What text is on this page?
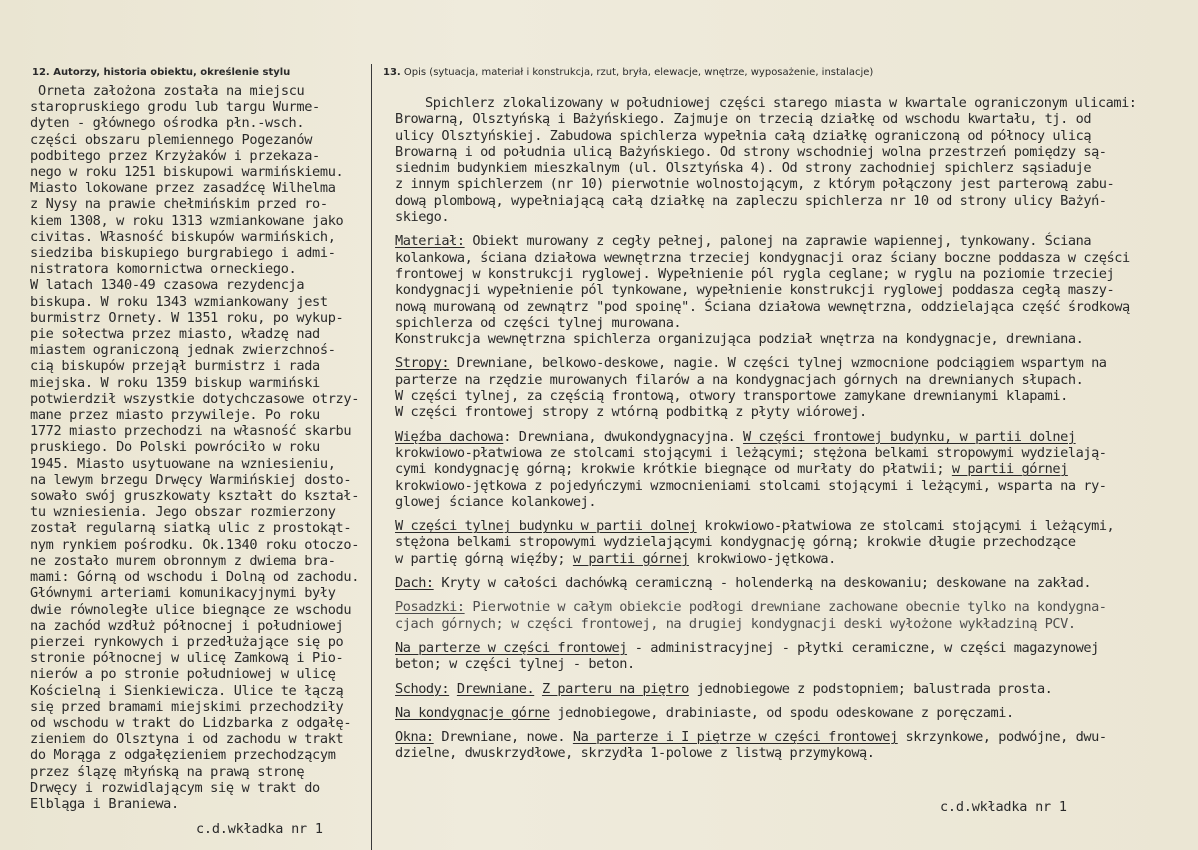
12. Autorzy, historia obiektu, określenie stylu	13. Opis (sytuacja, materiał i konstrukcja, rzut, bryła, elewacje, wnętrze, wyposażenie, instalacje)
Orneta założona została na miejscu
staropruskiego grodu lub targu Wurme-
dyten - głównego ośrodka płn.-wsch.
części obszaru plemiennego Pogezanów
podbitego przez Krzyżaków i przekaza-
nego w roku 1251 biskupowi warmińskiemu.
Miasto lokowane przez zasadźcę Wilhelma
z Nysy na prawie chełmińskim przed ro-
kiem 1308, w roku 1313 wzmiankowane jako
civitas. Własność biskupów warmińskich,
siedziba biskupiego burgrabiego i admi-
nistratora komornictwa orneckiego.
W latach 1340-49 czasowa rezydencja
biskupa. W roku 1343 wzmiankowany jest
burmistrz Ornety. W 1351 roku, po wykup-
pie sołectwa przez miasto, władzę nad
miastem ograniczoną jednak zwierzchnoś-
cią biskupów przejął burmistrz i rada
miejska. W roku 1359 biskup warmiński
potwierdził wszystkie dotychczasowe otrzy-
mane przez miasto przywileje. Po roku
1772 miasto przechodzi na własność skarbu
pruskiego. Do Polski powróciło w roku
1945. Miasto usytuowane na wzniesieniu,
na lewym brzegu Drwęcy Warmińskiej dosto-
sowało swój gruszkowaty kształt do kształ-
tu wzniesienia. Jego obszar rozmierzony
został regularną siatką ulic z prostokąt-
nym rynkiem pośrodku. Ok.1340 roku otoczo-
ne zostało murem obronnym z dwiema bra-
mami: Górną od wschodu i Dolną od zachodu.
Głównymi arteriami komunikacyjnymi były
dwie równoległe ulice biegnące ze wschodu
na zachód wzdłuż północnej i południowej
pierzei rynkowych i przedłużające się po
stronie północnej w ulicę Zamkową i Pio-
nierów a po stronie południowej w ulicę
Kościelną i Sienkiewicza. Ulice te łączą
się przed bramami miejskimi przechodziły
od wschodu w trakt do Lidzbarka z odgałę-
zieniem do Olsztyna i od zachodu w trakt
do Morąga z odgałęzieniem przechodzącym
przez ślązę młyńską na prawą stronę
Drwęcy i rozwidlającym się w trakt do
Elbląga i Braniewa.
Spichlerz zlokalizowany w południowej części starego miasta w kwartale ograniczonym ulicami:
Browarną, Olsztyńską i Bażyńskiego. Zajmuje on trzecią działkę od wschodu kwartału, tj. od
ulicy Olsztyńskiej. Zabudowa spichlerza wypełnia całą działkę ograniczoną od północy ulicą
Browarną i od południa ulicą Bażyńskiego. Od strony wschodniej wolna przestrzeń pomiędzy są-
siednim budynkiem mieszkalnym (ul. Olsztyńska 4). Od strony zachodniej spichlerz sąsiaduje
z innym spichlerzem (nr 10) pierwotnie wolnostojącym, z którym połączony jest parterową zabu-
dową plombową, wypełniającą całą działkę na zapleczu spichlerza nr 10 od strony ulicy Bażyń-
skiego.
Materiał: Obiekt murowany z cegły pełnej, palonej na zaprawie wapiennej, tynkowany. Ściana
kolankowa, ściana działowa wewnętrzna trzeciej kondygnacji oraz ściany boczne poddasza w części
frontowej w konstrukcji ryglowej. Wypełnienie pól rygla ceglane; w ryglu na poziomie trzeciej
kondygnacji wypełnienie pól tynkowane, wypełnienie konstrukcji ryglowej poddasza cegłą maszy-
nową murowaną od zewnątrz "pod spoinę". Ściana działowa wewnętrzna, oddzielająca część środkową
spichlerza od części tylnej murowana.
Konstrukcja wewnętrzna spichlerza organizująca podział wnętrza na kondygnacje, drewniana.
Stropy: Drewniane, belkowo-deskowe, nagie. W części tylnej wzmocnione podciągiem wspartym na
parterze na rzędzie murowanych filarów a na kondygnacjach górnych na drewnianych słupach.
W części tylnej, za częścią frontową, otwory transportowe zamykane drewnianymi klapami.
W części frontowej stropy z wtórną podbitką z płyty wiórowej.
Więźba dachowa: Drewniana, dwukondygnacyjna. W części frontowej budynku, w partii dolnej
krokwiowo-płatwiowa ze stolcami stojącymi i leżącymi; stężona belkami stropowymi wydzielają-
cymi kondygnację górną; krokwie krótkie biegnące od murłaty do płatwii; w partii górnej
krokwiowo-jętkowa z pojedyńczymi wzmocnieniami stolcami stojącymi i leżącymi, wsparta na ry-
glowej ściance kolankowej.
W części tylnej budynku w partii dolnej krokwiowo-płatwiowa ze stolcami stojącymi i leżącymi,
stężona belkami stropowymi wydzielającymi kondygnację górną; krokwie długie przechodzące
w partię górną więźby; w partii górnej krokwiowo-jętkowa.
Dach: Kryty w całości dachówką ceramiczną - holenderką na deskowaniu; deskowane na zakład.
Posadzki: Pierwotnie w całym obiekcie podłogi drewniane zachowane obecnie tylko na kondygna-
cjach górnych; w części frontowej, na drugiej kondygnacji deski wyłożone wykładziną PCV.
Na parterze w części frontowej - administracyjnej - płytki ceramiczne, w części magazynowej
beton; w części tylnej - beton.
Schody: Drewniane. Z parteru na piętro jednobiegowe z podstopniem; balustrada prosta.
Na kondygnacje górne jednobiegowe, drabiniaste, od spodu odeskowane z poręczami.
Okna: Drewniane, nowe. Na parterze i I piętrze w części frontowej skrzynkowe, podwójne, dwu-
dzielne, dwuskrzydłowe, skrzydła 1-polowe z listwą przymykową.
c.d.wkładka nr 1
c.d.wkładka nr 1
